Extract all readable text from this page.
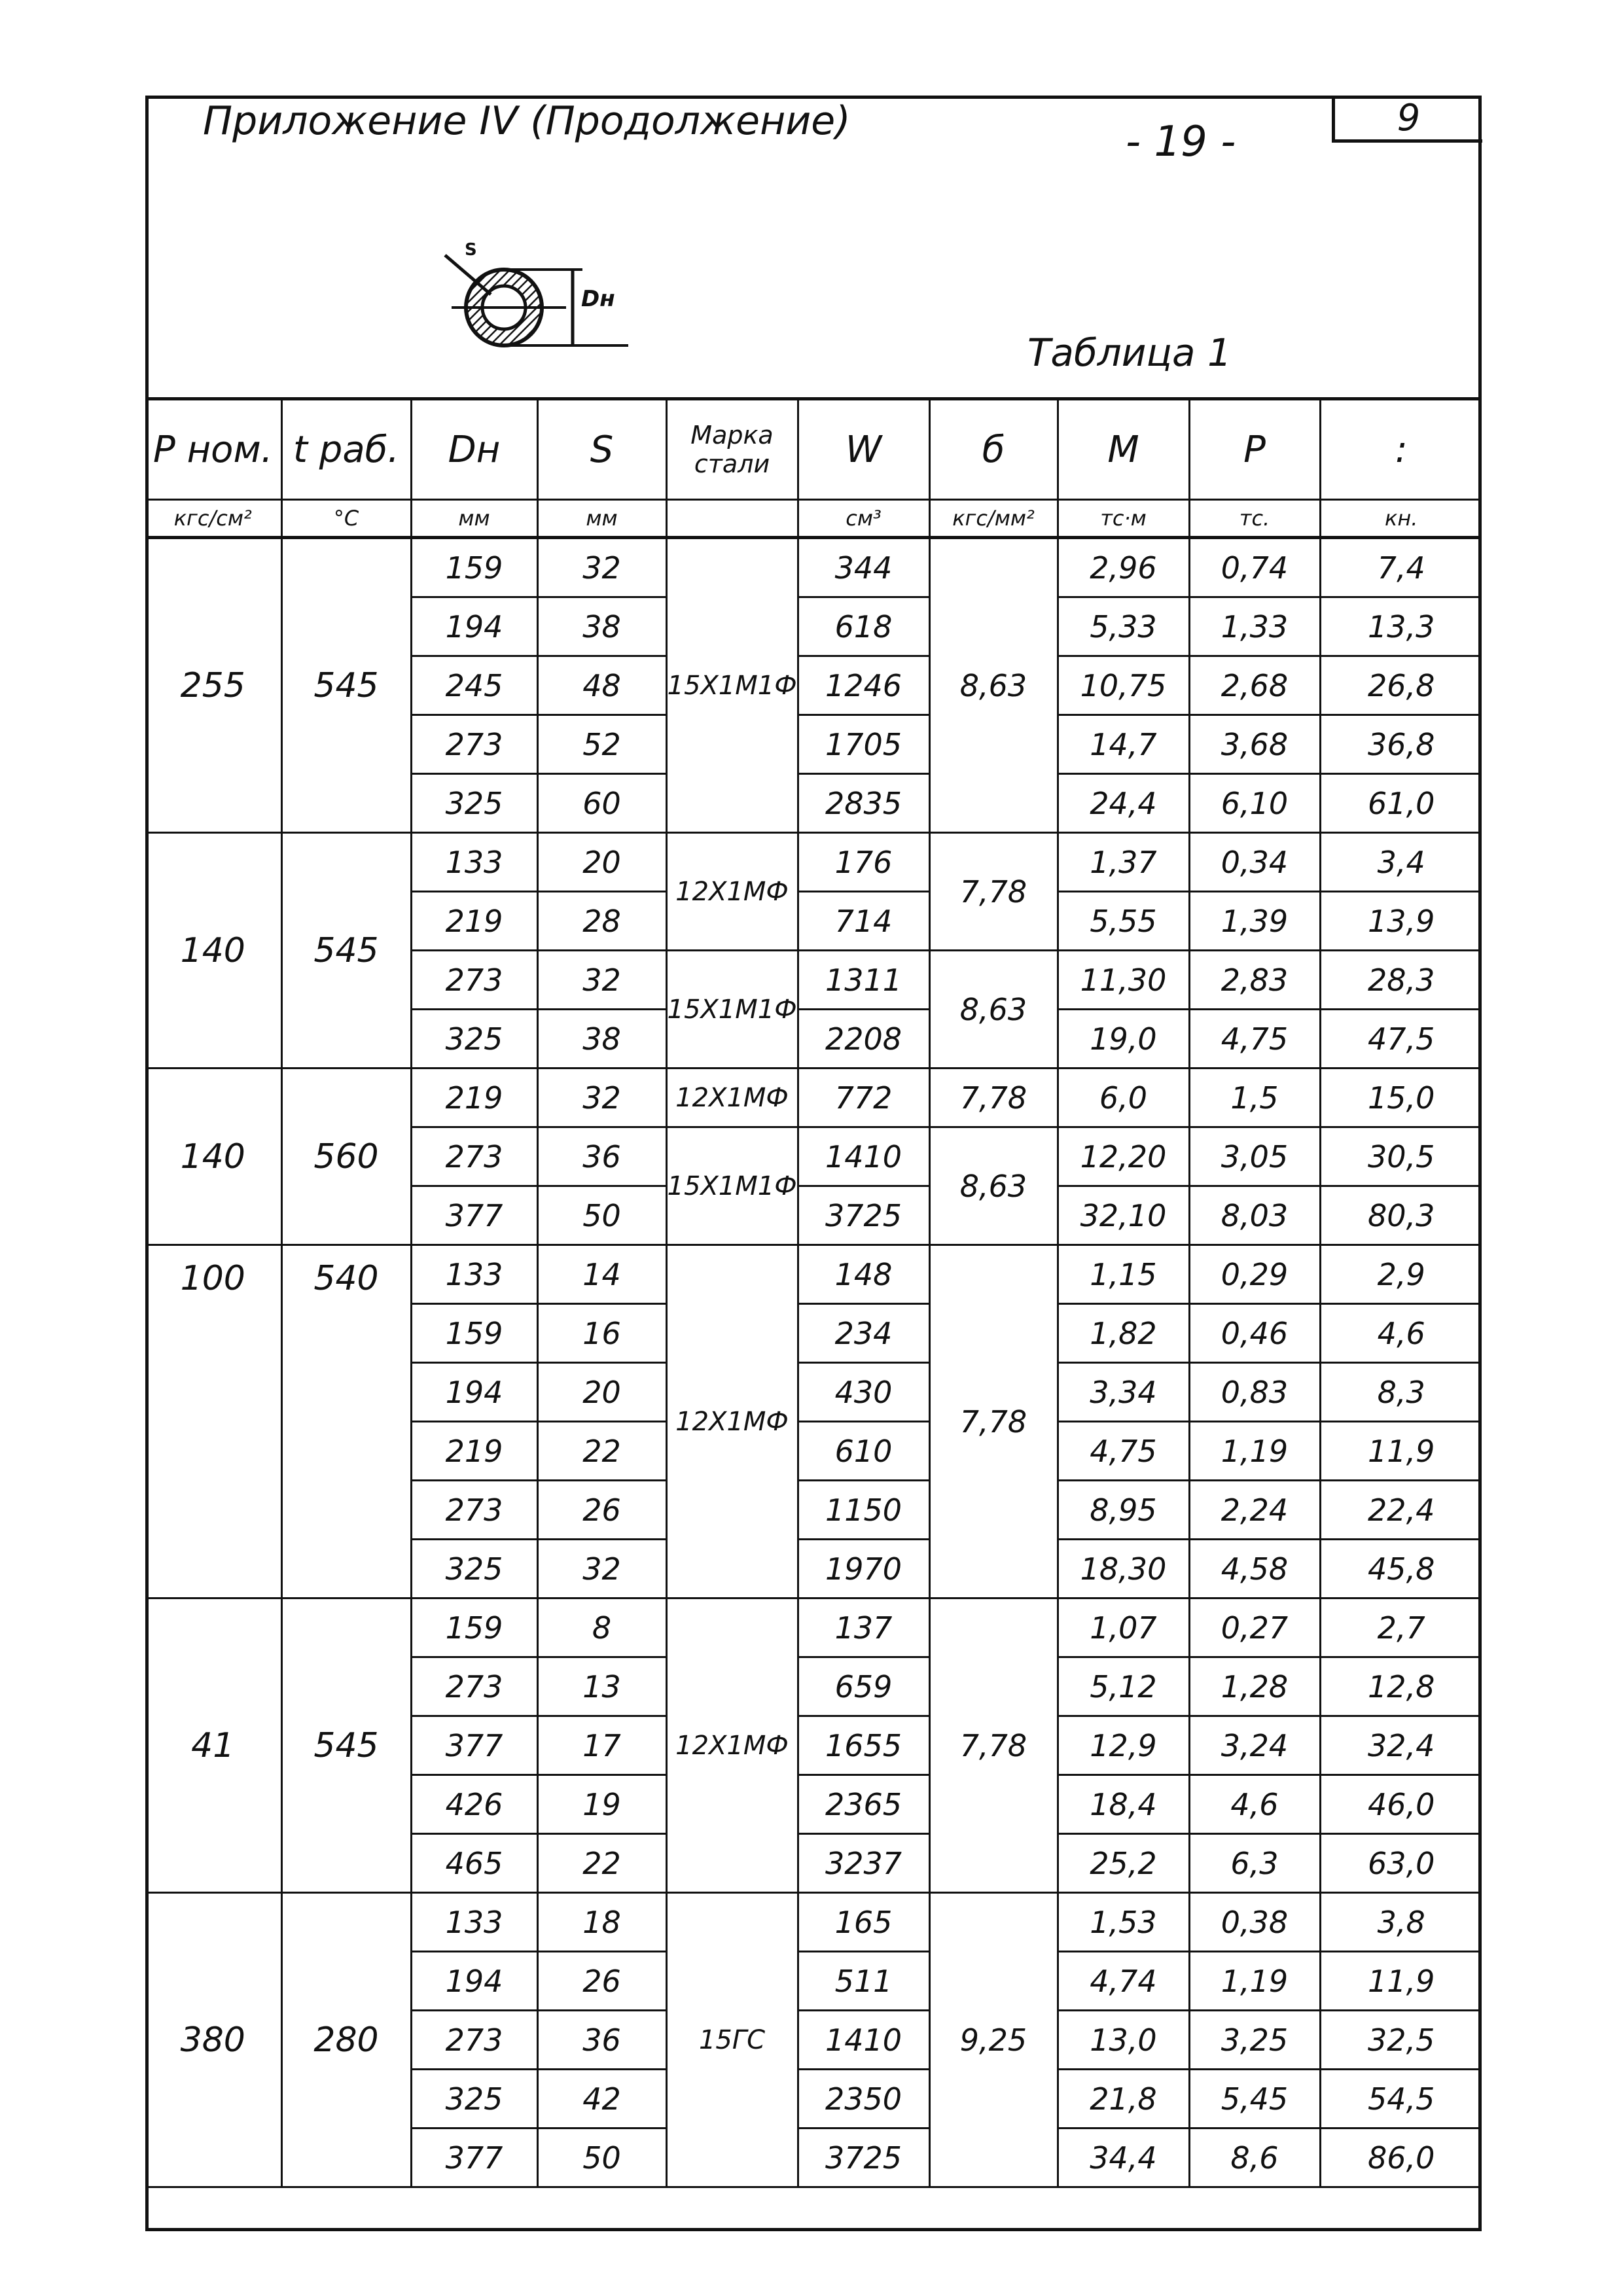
Приложение IV (Продолжение)	- 19 -	9
S
Dн
Таблица 1
P ном.	t раб.	Dн	S	Марка стали	W	б	M	P	:
кгс/см²	°C	мм	мм		см³	кгс/мм²	тс·м	тс.	кн.
255	545	159	32	15Х1М1Ф	344	8,63	2,96	0,74	7,4
		194	38		618		5,33	1,33	13,3
		245	48		1246		10,75	2,68	26,8
		273	52		1705		14,7	3,68	36,8
		325	60		2835		24,4	6,10	61,0
140	545	133	20	12Х1МФ	176	7,78	1,37	0,34	3,4
		219	28		714		5,55	1,39	13,9
		273	32	15Х1М1Ф	1311	8,63	11,30	2,83	28,3
		325	38		2208		19,0	4,75	47,5
140	560	219	32	12Х1МФ	772	7,78	6,0	1,5	15,0
		273	36	15Х1М1Ф	1410	8,63	12,20	3,05	30,5
		377	50		3725		32,10	8,03	80,3
100	540	133	14	12Х1МФ	148	7,78	1,15	0,29	2,9
		159	16		234		1,82	0,46	4,6
		194	20		430		3,34	0,83	8,3
		219	22		610		4,75	1,19	11,9
		273	26		1150		8,95	2,24	22,4
		325	32		1970		18,30	4,58	45,8
41	545	159	8	12Х1МФ	137	7,78	1,07	0,27	2,7
		273	13		659		5,12	1,28	12,8
		377	17		1655		12,9	3,24	32,4
		426	19		2365		18,4	4,6	46,0
		465	22		3237		25,2	6,3	63,0
380	280	133	18	15ГС	165	9,25	1,53	0,38	3,8
		194	26		511		4,74	1,19	11,9
		273	36		1410		13,0	3,25	32,5
		325	42		2350		21,8	5,45	54,5
		377	50		3725		34,4	8,6	86,0
